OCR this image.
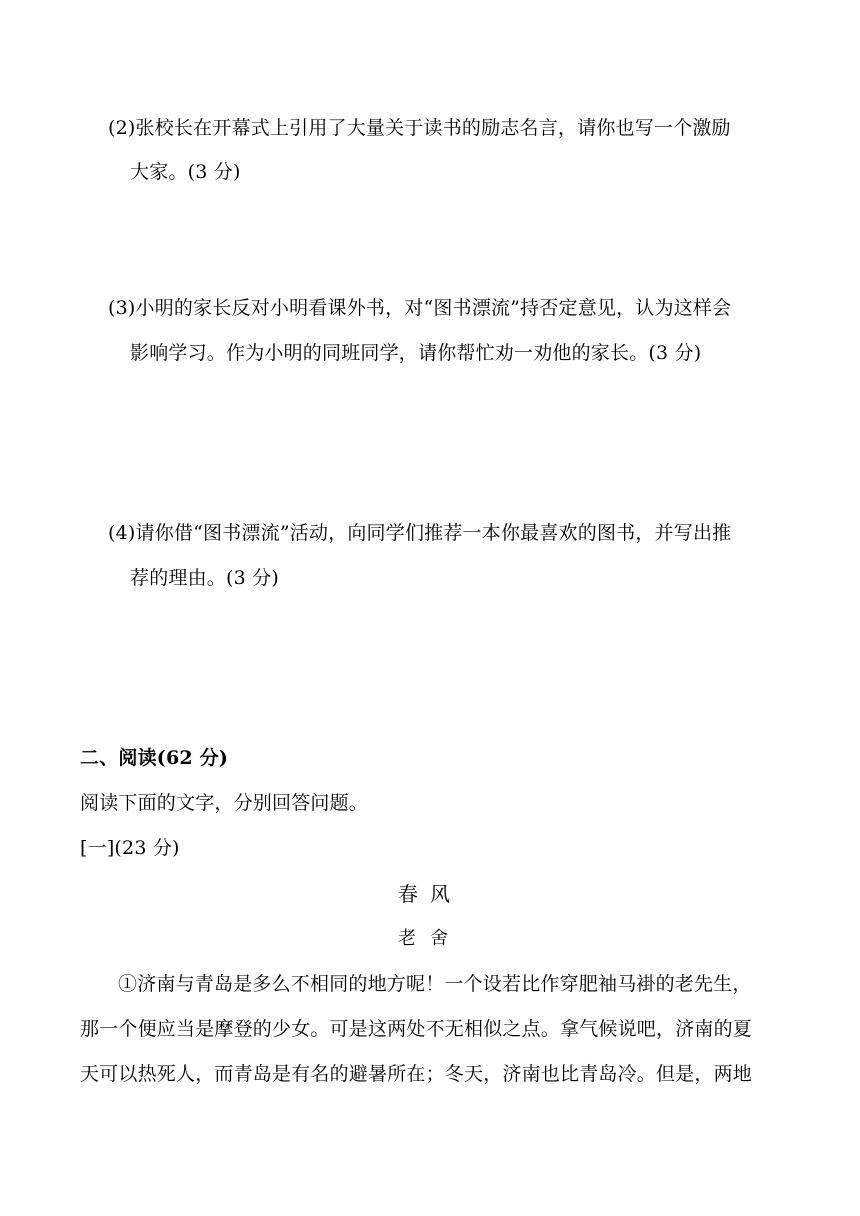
(2)张校长在开幕式上引用了大量关于读书的励志名言，请你也写一个激励
大家。(3 分)
(3)小明的家长反对小明看课外书，对“图书漂流”持否定意见，认为这样会
影响学习。作为小明的同班同学，请你帮忙劝一劝他的家长。(3 分)
(4)请你借“图书漂流”活动，向同学们推荐一本你最喜欢的图书，并写出推
荐的理由。(3 分)
二、阅读(62 分)
阅读下面的文字，分别回答问题。
[一](23 分)
春风
老舍
①济南与青岛是多么不相同的地方呢！一个设若比作穿肥袖马褂的老先生，
那一个便应当是摩登的少女。可是这两处不无相似之点。拿气候说吧，济南的夏
天可以热死人，而青岛是有名的避暑所在；冬天，济南也比青岛冷。但是，两地
